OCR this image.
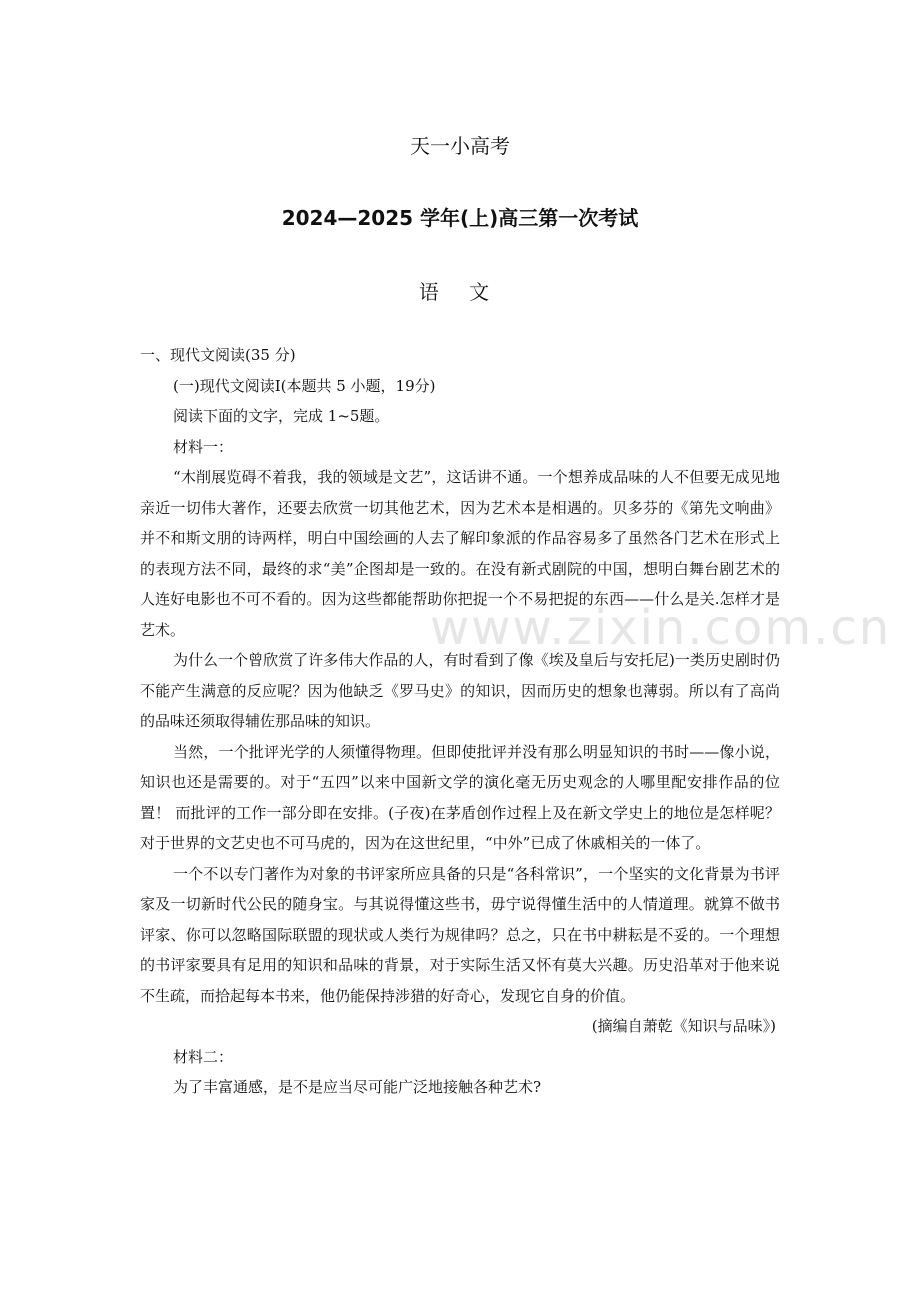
www.zixin.com.cn
天一小高考
2024—2025 学年(上)高三第一次考试
语 文

一、现代文阅读(35 分)

(一)现代文阅读Ⅰ(本题共 5 小题，19分)

阅读下面的文字，完成 1~5题。

材料一：

“木削展览碍不着我，我的领域是文艺”，这话讲不通。一个想养成品味的人不但要无成见地亲近一切伟大著作，还要去欣赏一切其他艺术，因为艺术本是相遇的。贝多芬的《第先文响曲》并不和斯文朋的诗两样，明白中国绘画的人去了解印象派的作品容易多了虽然各门艺术在形式上的表现方法不同，最终的求“美”企图却是一致的。在没有新式剧院的中国，想明白舞台剧艺术的人连好电影也不可不看的。因为这些都能帮助你把捉一个不易把捉的东西——什么是关.怎样才是艺术。

为什么一个曾欣赏了许多伟大作品的人，有时看到了像《埃及皇后与安托尼)一类历史剧时仍不能产生满意的反应呢？因为他缺乏《罗马史》的知识，因而历史的想象也薄弱。所以有了高尚的品味还须取得辅佐那品味的知识。

当然，一个批评光学的人须懂得物理。但即使批评并没有那么明显知识的书时——像小说，知识也还是需要的。对于“五四”以来中国新文学的演化毫无历史观念的人哪里配安排作品的位置！ 而批评的工作一部分即在安排。(子夜)在茅盾创作过程上及在新文学史上的地位是怎样呢？对于世界的文艺史也不可马虎的，因为在这世纪里，“中外”已成了休戚相关的一体了。

一个不以专门著作为对象的书评家所应具备的只是“各科常识”，一个坚实的文化背景为书评家及一切新时代公民的随身宝。与其说得懂这些书，毋宁说得懂生活中的人情道理。就算不做书评家、你可以忽略国际联盟的现状或人类行为规律吗？总之，只在书中耕耘是不妥的。一个理想的书评家要具有足用的知识和品味的背景，对于实际生活又怀有莫大兴趣。历史沿革对于他来说不生疏，而拾起每本书来，他仍能保持涉猎的好奇心，发现它自身的价值。

(摘编自萧乾《知识与品味》)

材料二：

为了丰富通感，是不是应当尽可能广泛地接触各种艺术?
